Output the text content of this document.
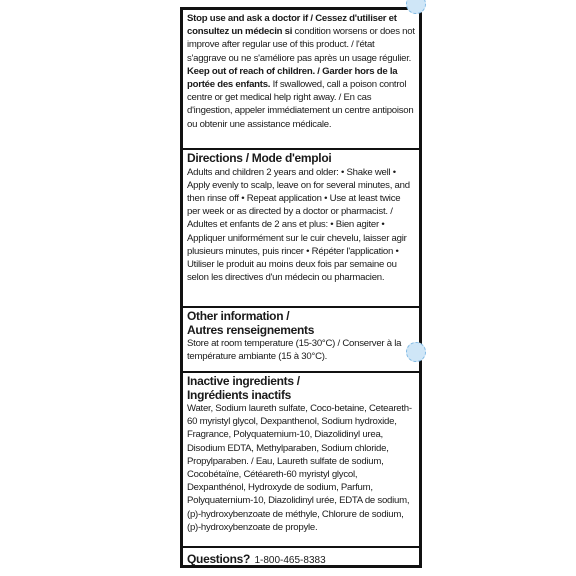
Stop use and ask a doctor if / Cessez d'utiliser et consultez un médecin si condition worsens or does not improve after regular use of this product. / l'état s'aggrave ou ne s'améliore pas après un usage régulier.
Keep out of reach of children. / Garder hors de la portée des enfants. If swallowed, call a poison control centre or get medical help right away. / En cas d'ingestion, appeler immédiatement un centre antipoison ou obtenir une assistance médicale.
Directions / Mode d'emploi
Adults and children 2 years and older: • Shake well • Apply evenly to scalp, leave on for several minutes, and then rinse off • Repeat application • Use at least twice per week or as directed by a doctor or pharmacist. / Adultes et enfants de 2 ans et plus: • Bien agiter • Appliquer uniformément sur le cuir chevelu, laisser agir plusieurs minutes, puis rincer • Répéter l'application • Utiliser le produit au moins deux fois par semaine ou selon les directives d'un médecin ou pharmacien.
Other information /
Autres renseignements
Store at room temperature (15-30°C) / Conserver à la température ambiante (15 à 30°C).
Inactive ingredients /
Ingrédients inactifs
Water, Sodium laureth sulfate, Coco-betaine, Ceteareth-60 myristyl glycol, Dexpanthenol, Sodium hydroxide, Fragrance, Polyquaternium-10, Diazolidinyl urea, Disodium EDTA, Methylparaben, Sodium chloride, Propylparaben. / Eau, Laureth sulfate de sodium, Cocobétaïne, Cétéareth-60 myristyl glycol, Dexpanthénol, Hydroxyde de sodium, Parfum, Polyquaternium-10, Diazolidinyl urée, EDTA de sodium, (p)-hydroxybenzoate de méthyle, Chlorure de sodium, (p)-hydroxybenzoate de propyle.
Questions? 1-800-465-8383
